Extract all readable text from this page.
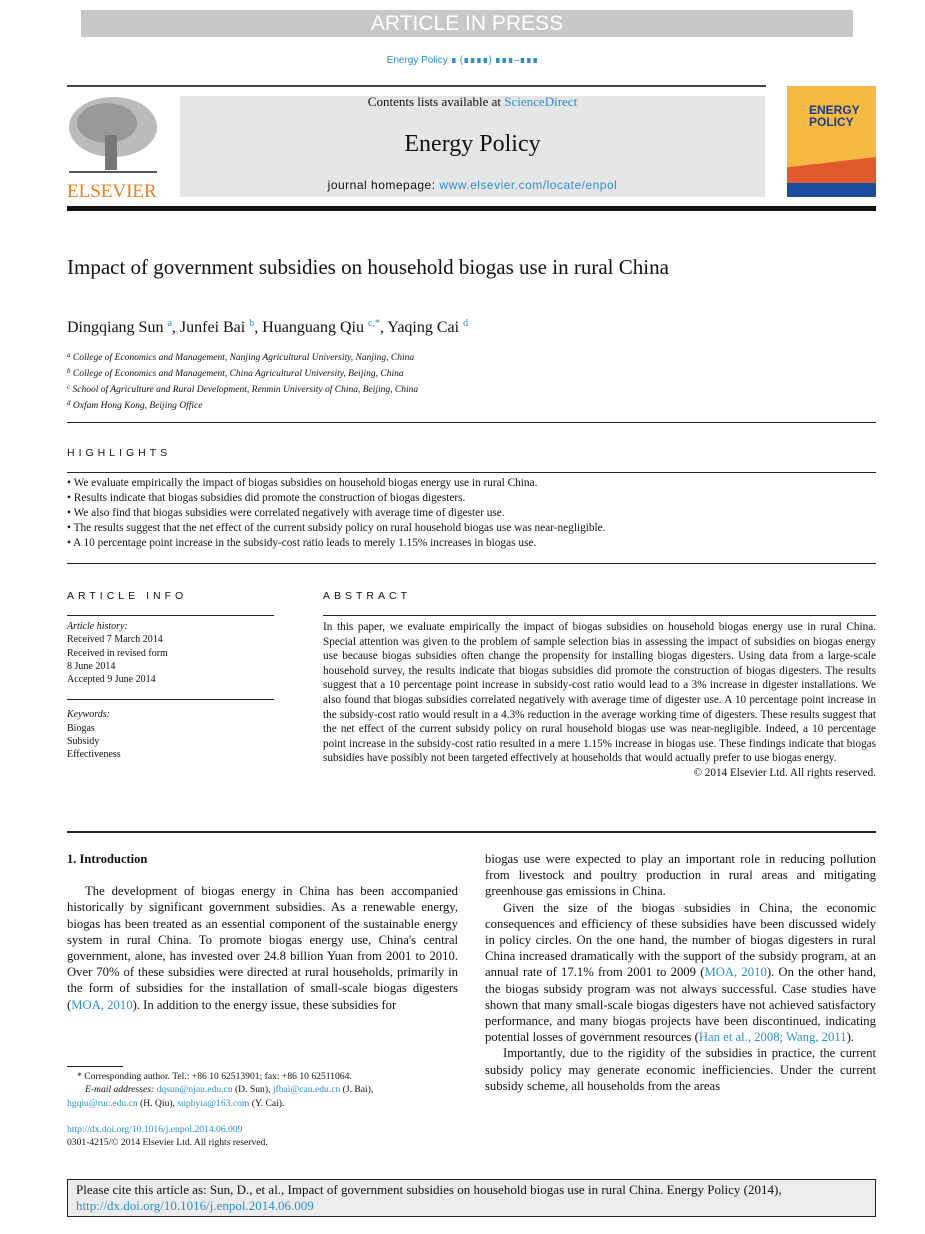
ARTICLE IN PRESS
Energy Policy ∎ (∎∎∎∎) ∎∎∎–∎∎∎
ELSEVIER
Contents lists available at ScienceDirect
Energy Policy
journal homepage: www.elsevier.com/locate/enpol
ENERGY
POLICY
Impact of government subsidies on household biogas use in rural China
Dingqiang Sun $^a$, Junfei Bai $^b$, Huanguang Qiu $^{c,*}$, Yaqing Cai $^d$
$^a$ College of Economics and Management, Nanjing Agricultural University, Nanjing, China
$^b$ College of Economics and Management, China Agricultural University, Beijing, China
$^c$ School of Agriculture and Rural Development, Renmin University of China, Beijing, China
$^d$ Oxfam Hong Kong, Beijing Office
HIGHLIGHTS
• We evaluate empirically the impact of biogas subsidies on household biogas energy use in rural China.
• Results indicate that biogas subsidies did promote the construction of biogas digesters.
• We also find that biogas subsidies were correlated negatively with average time of digester use.
• The results suggest that the net effect of the current subsidy policy on rural household biogas use was near-negligible.
• A 10 percentage point increase in the subsidy-cost ratio leads to merely 1.15% increases in biogas use.
ARTICLE INFO
Article history:
Received 7 March 2014
Received in revised form
8 June 2014
Accepted 9 June 2014
Keywords:
Biogas
Subsidy
Effectiveness
ABSTRACT
In this paper, we evaluate empirically the impact of biogas subsidies on household biogas energy use in rural China. Special attention was given to the problem of sample selection bias in assessing the impact of subsidies on biogas energy use because biogas subsidies often change the propensity for installing biogas digesters. Using data from a large-scale household survey, the results indicate that biogas subsidies did promote the construction of biogas digesters. The results suggest that a 10 percentage point increase in subsidy-cost ratio would lead to a 3% increase in digester installations. We also found that biogas subsidies correlated negatively with average time of digester use. A 10 percentage point increase in the subsidy-cost ratio would result in a 4.3% reduction in the average working time of digesters. These results suggest that the net effect of the current subsidy policy on rural household biogas use was near-negligible. Indeed, a 10 percentage point increase in the subsidy-cost ratio resulted in a mere 1.15% increase in biogas use. These findings indicate that biogas subsidies have possibly not been targeted effectively at households that would actually prefer to use biogas energy.
© 2014 Elsevier Ltd. All rights reserved.
1. Introduction

The development of biogas energy in China has been accompanied historically by significant government subsidies. As a renewable energy, biogas has been treated as an essential component of the sustainable energy system in rural China. To promote biogas energy use, China's central government, alone, has invested over 24.8 billion Yuan from 2001 to 2010. Over 70% of these subsidies were directed at rural households, primarily in the form of subsidies for the installation of small-scale biogas digesters (MOA, 2010). In addition to the energy issue, these subsidies for

biogas use were expected to play an important role in reducing pollution from livestock and poultry production in rural areas and mitigating greenhouse gas emissions in China.

Given the size of the biogas subsidies in China, the economic consequences and efficiency of these subsidies have been discussed widely in policy circles. On the one hand, the number of biogas digesters in rural China increased dramatically with the support of the subsidy program, at an annual rate of 17.1% from 2001 to 2009 (MOA, 2010). On the other hand, the biogas subsidy program was not always successful. Case studies have shown that many small-scale biogas digesters have not achieved satisfactory performance, and many biogas projects have been discontinued, indicating potential losses of government resources (Han et al., 2008; Wang, 2011).

Importantly, due to the rigidity of the subsidies in practice, the current subsidy policy may generate economic inefficiencies. Under the current subsidy scheme, all households from the areas

* Corresponding author. Tel.: +86 10 62513901; fax: +86 10 62511064.
E-mail addresses: dqsun@njau.edu.cn (D. Sun), jfbai@cau.edu.cn (J. Bai),
hgqiu@ruc.edu.cn (H. Qiu), suphyia@163.com (Y. Cai).
http://dx.doi.org/10.1016/j.enpol.2014.06.009
0301-4215/© 2014 Elsevier Ltd. All rights reserved.
Please cite this article as: Sun, D., et al., Impact of government subsidies on household biogas use in rural China. Energy Policy (2014),
http://dx.doi.org/10.1016/j.enpol.2014.06.009
